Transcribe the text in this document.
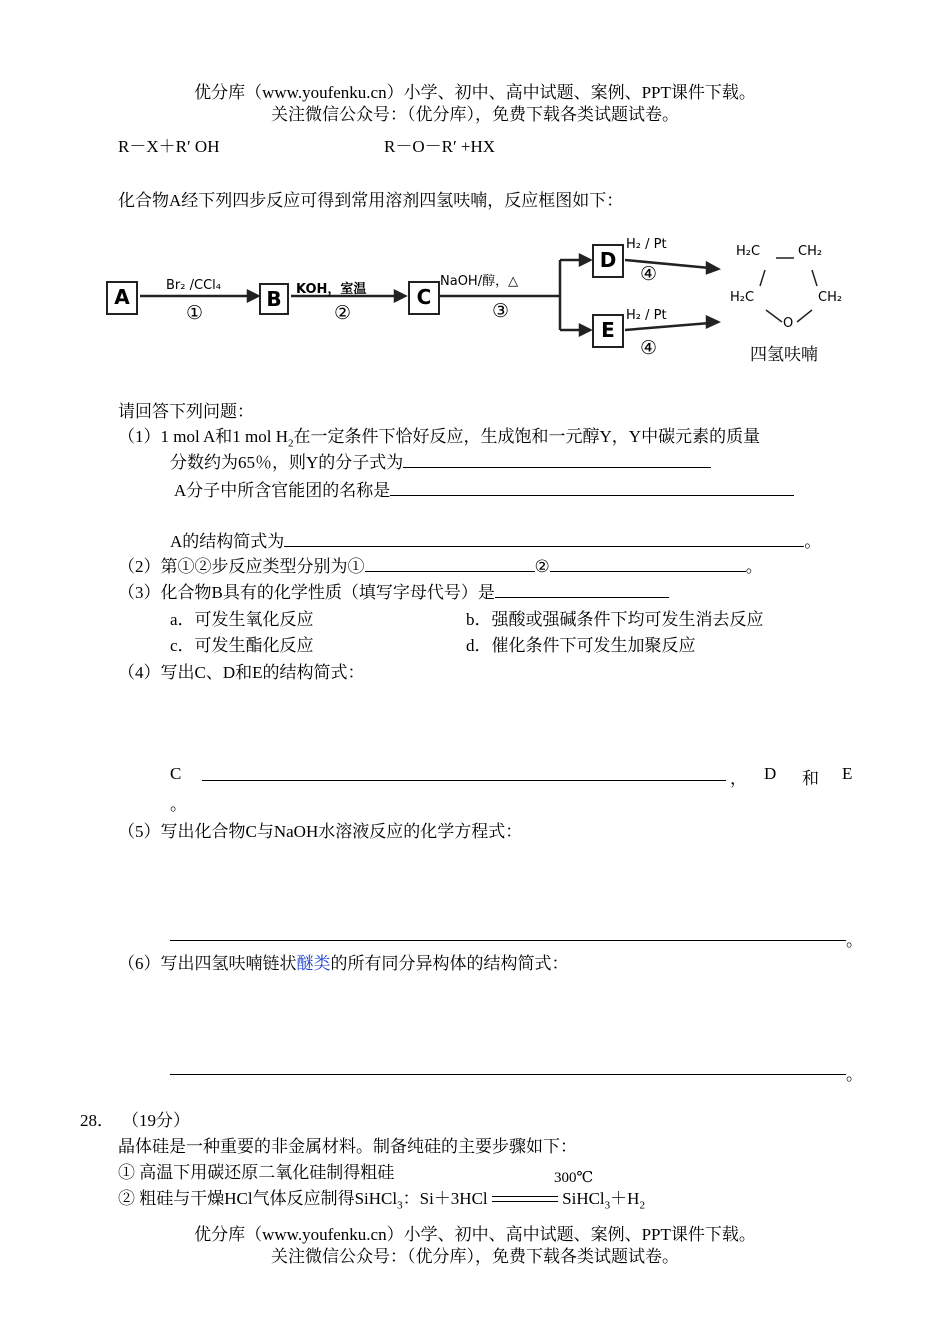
优分库（www.youfenku.cn）小学、初中、高中试题、案例、PPT课件下载。
关注微信公众号：（优分库），免费下载各类试题试卷。
R－X＋R′ OH	R－O－R′ +HX
化合物A经下列四步反应可得到常用溶剂四氢呋喃，反应框图如下：
A	B	C
D
E
Br₂ /CCl₄
①
KOH，室温
②
NaOH/醇，△
③
H₂ / Pt
④
H₂ / Pt
④
H₂C	CH₂
H₂C	CH₂
O
四氢呋喃
请回答下列问题：
（1）1 mol A和1 mol $H_2$在一定条件下恰好反应，生成饱和一元醇Y，Y中碳元素的质量
分数约为65％，则Y的分子式为
A分子中所含官能团的名称是
A的结构简式为	。
（2）第①②步反应类型分别为①	②	。
（3）化合物B具有的化学性质（填写字母代号）是
a．可发生氧化反应	b．强酸或强碱条件下均可发生消去反应
c．可发生酯化反应	d．催化条件下可发生加聚反应
（4）写出C、D和E的结构简式：
C	， D 和 E
。
（5）写出化合物C与NaOH水溶液反应的化学方程式：
。
（6）写出四氢呋喃链状醚类的所有同分异构体的结构简式：
。
28． （19分）
晶体硅是一种重要的非金属材料。制备纯硅的主要步骤如下：
① 高温下用碳还原二氧化硅制得粗硅	300℃
② 粗硅与干燥HCl气体反应制得SiHCl$_3$：Si＋3HCl	$SiHCl_3+H_2$
优分库（www.youfenku.cn）小学、初中、高中试题、案例、PPT课件下载。
关注微信公众号：（优分库），免费下载各类试题试卷。
